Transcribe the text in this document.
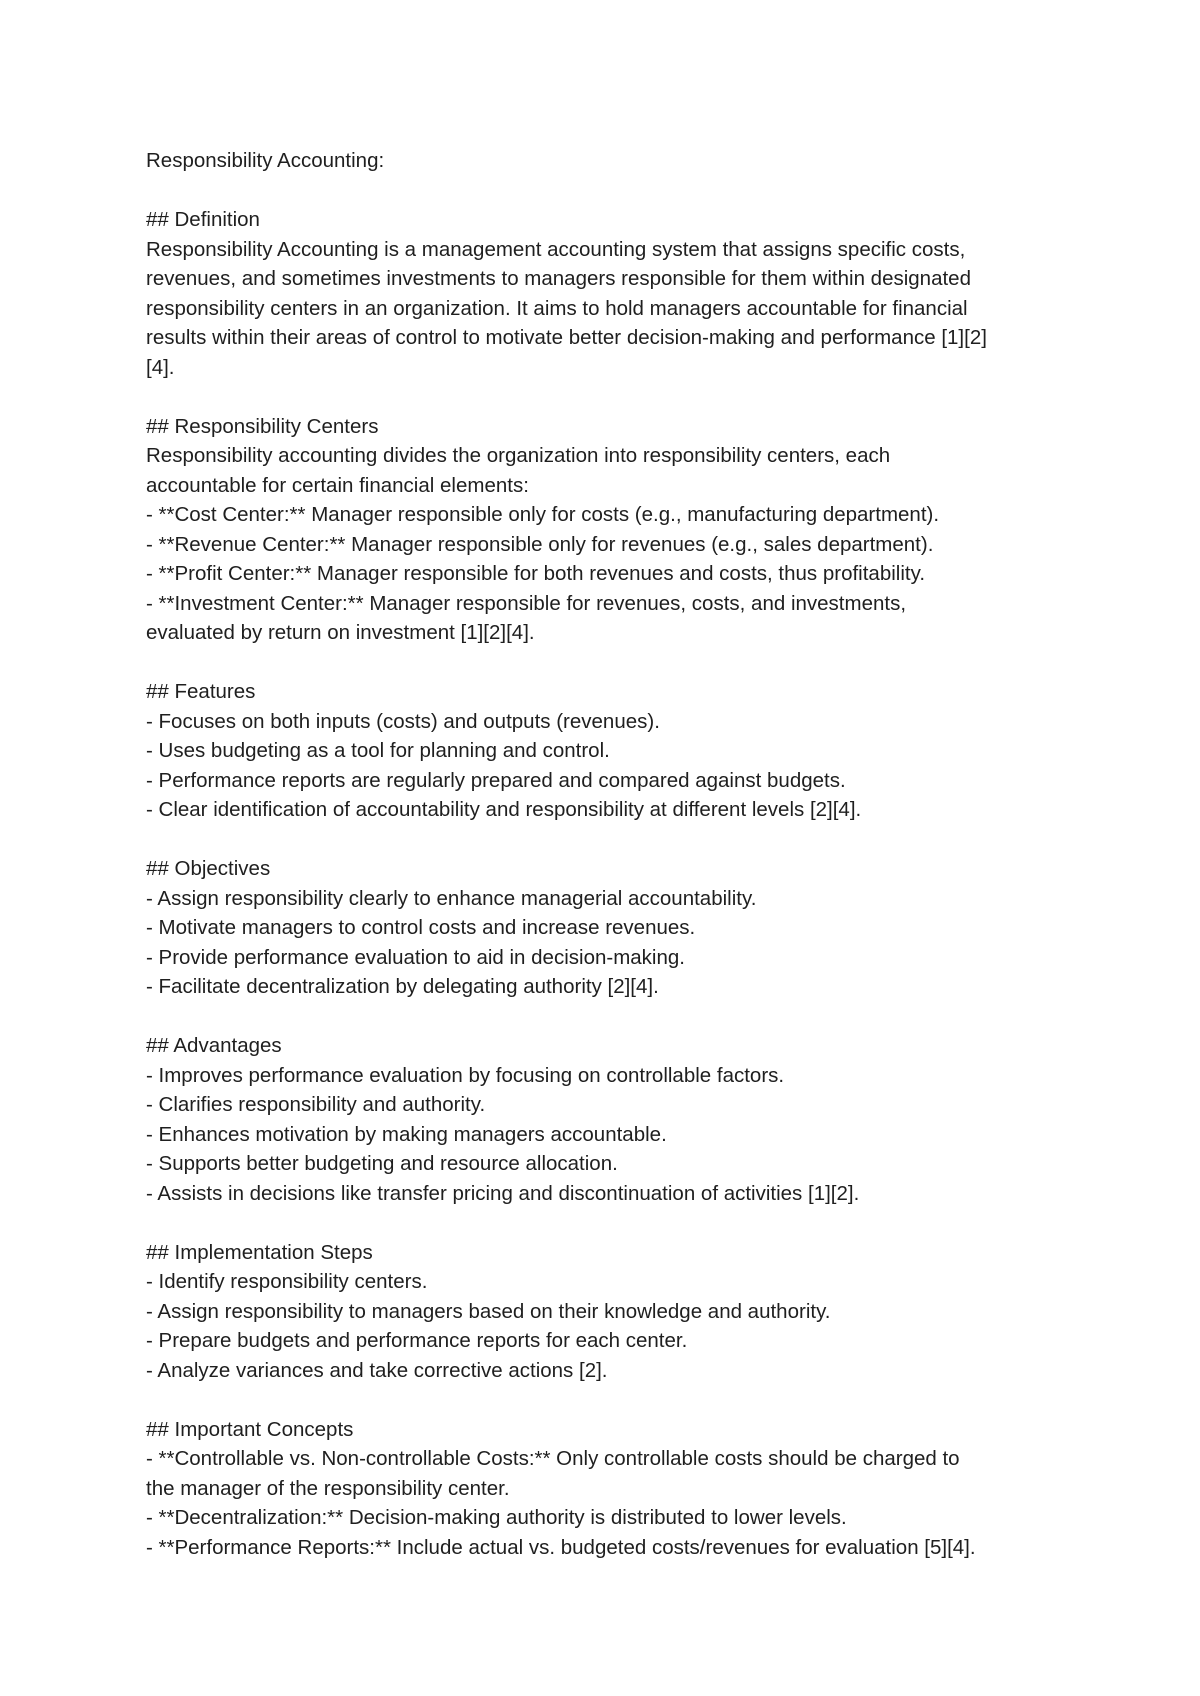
Responsibility Accounting:
## Definition
Responsibility Accounting is a management accounting system that assigns specific costs,
revenues, and sometimes investments to managers responsible for them within designated
responsibility centers in an organization. It aims to hold managers accountable for financial
results within their areas of control to motivate better decision-making and performance [1][2]
[4].
## Responsibility Centers
Responsibility accounting divides the organization into responsibility centers, each
accountable for certain financial elements:
- **Cost Center:** Manager responsible only for costs (e.g., manufacturing department).
- **Revenue Center:** Manager responsible only for revenues (e.g., sales department).
- **Profit Center:** Manager responsible for both revenues and costs, thus profitability.
- **Investment Center:** Manager responsible for revenues, costs, and investments,
evaluated by return on investment [1][2][4].
## Features
- Focuses on both inputs (costs) and outputs (revenues).
- Uses budgeting as a tool for planning and control.
- Performance reports are regularly prepared and compared against budgets.
- Clear identification of accountability and responsibility at different levels [2][4].
## Objectives
- Assign responsibility clearly to enhance managerial accountability.
- Motivate managers to control costs and increase revenues.
- Provide performance evaluation to aid in decision-making.
- Facilitate decentralization by delegating authority [2][4].
## Advantages
- Improves performance evaluation by focusing on controllable factors.
- Clarifies responsibility and authority.
- Enhances motivation by making managers accountable.
- Supports better budgeting and resource allocation.
- Assists in decisions like transfer pricing and discontinuation of activities [1][2].
## Implementation Steps
- Identify responsibility centers.
- Assign responsibility to managers based on their knowledge and authority.
- Prepare budgets and performance reports for each center.
- Analyze variances and take corrective actions [2].
## Important Concepts
- **Controllable vs. Non-controllable Costs:** Only controllable costs should be charged to
the manager of the responsibility center.
- **Decentralization:** Decision-making authority is distributed to lower levels.
- **Performance Reports:** Include actual vs. budgeted costs/revenues for evaluation [5][4].
